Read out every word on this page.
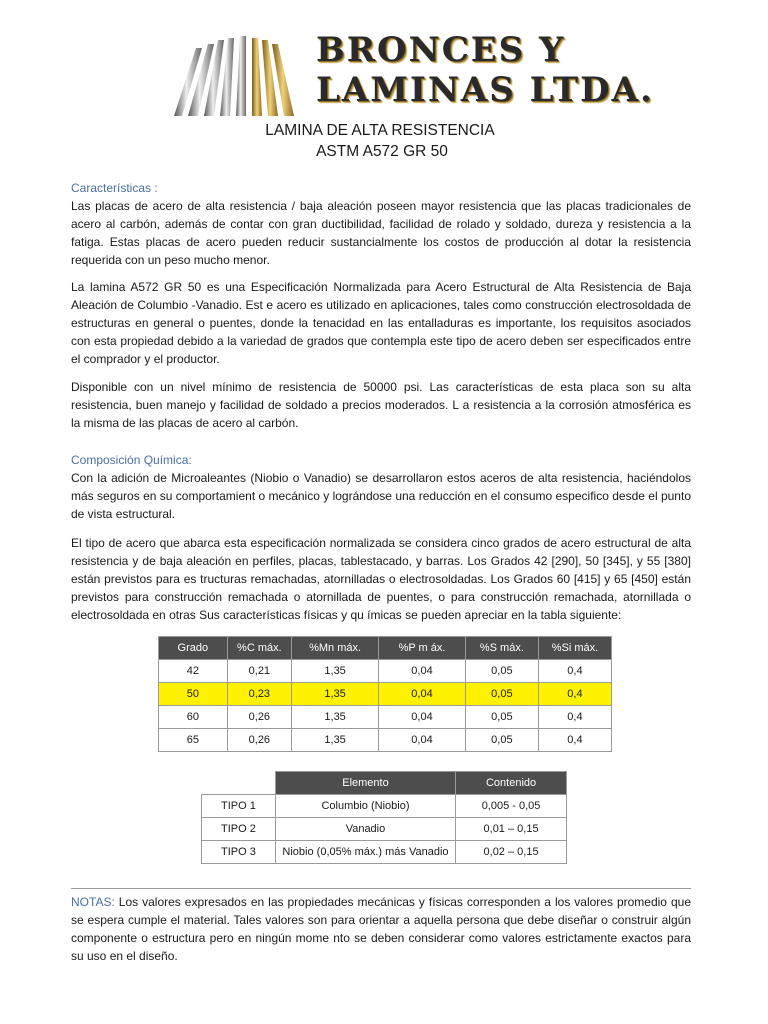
BRONCES Y
LAMINAS LTDA.
LAMINA DE ALTA RESISTENCIA
ASTM A572 GR 50
Características :
Las placas de acero de alta resistencia / baja aleación poseen mayor resistencia que las placas tradicionales de acero al carbón, además de contar con gran ductibilidad, facilidad de rolado y soldado, dureza y resistencia a la fatiga. Estas placas de acero pueden reducir sustancialmente los costos de producción al dotar la resistencia requerida con un peso mucho menor.
La lamina A572 GR 50 es una Especificación Normalizada para Acero Estructural de Alta Resistencia de Baja Aleación de Columbio -Vanadio. Est e acero es utilizado en aplicaciones, tales como construcción electrosoldada de estructuras en general o puentes, donde la tenacidad en las entalladuras es importante, los requisitos asociados con esta propiedad debido a la variedad de grados que contempla este tipo de acero deben ser especificados entre el comprador y el productor.
Disponible con un nivel mínimo de resistencia de 50000 psi. Las características de esta placa son su alta resistencia, buen manejo y facilidad de soldado a precios moderados. L a resistencia a la corrosión atmosférica es la misma de las placas de acero al carbón.
Composición Química:
Con la adición de Microaleantes (Niobio o Vanadio) se desarrollaron estos aceros de alta resistencia, haciéndolos más seguros en su comportamient o mecánico y lográndose una reducción en el consumo especifico desde el punto de vista estructural.
El tipo de acero que abarca esta especificación normalizada se considera cinco grados de acero estructural de alta resistencia y de baja aleación en perfiles, placas, tablestacado, y barras. Los Grados 42 [290], 50 [345], y 55 [380] están previstos para es tructuras remachadas, atornilladas o electrosoldadas. Los Grados 60 [415] y 65 [450] están previstos para construcción remachada o atornillada de puentes, o para construcción remachada, atornillada o electrosoldada en otras Sus características físicas y qu ímicas se pueden apreciar en la tabla siguiente:
Grado	%C máx.	%Mn máx.	%P m áx.	%S máx.	%Si máx.
42	0,21	1,35	0,04	0,05	0,4
50	0,23	1,35	0,04	0,05	0,4
60	0,26	1,35	0,04	0,05	0,4
65	0,26	1,35	0,04	0,05	0,4
	Elemento	Contenido
TIPO 1	Columbio (Niobio)	0,005 - 0,05
TIPO 2	Vanadio	0,01 – 0,15
TIPO 3	Niobio (0,05% máx.) más Vanadio	0,02 – 0,15
NOTAS: Los valores expresados en las propiedades mecánicas y físicas corresponden a los valores promedio que se espera cumple el material. Tales valores son para orientar a aquella persona que debe diseñar o construir algún componente o estructura pero en ningún mome nto se deben considerar como valores estrictamente exactos para su uso en el diseño.
